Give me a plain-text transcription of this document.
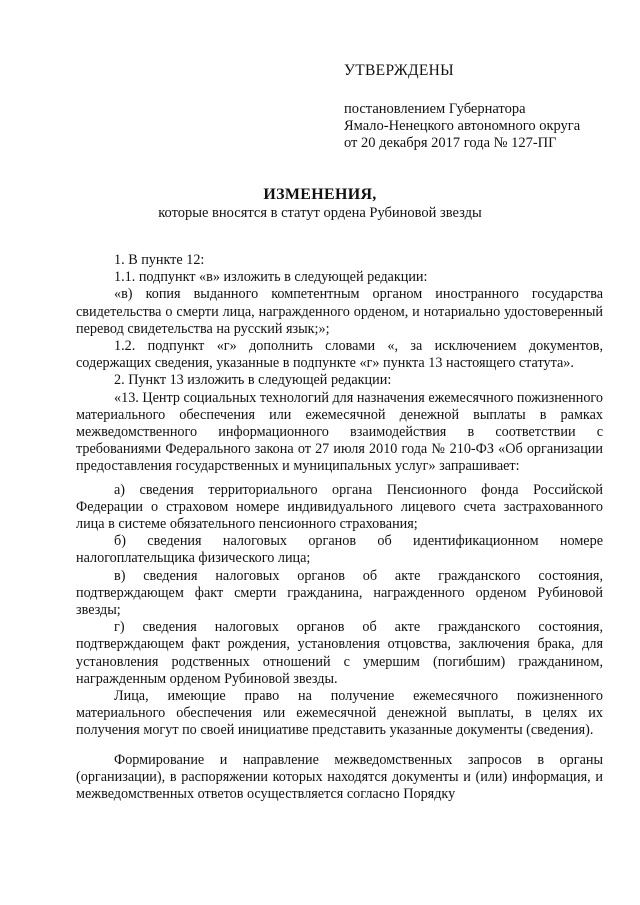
УТВЕРЖДЕНЫ
постановлением Губернатора
Ямало-Ненецкого автономного округа
от 20 декабря 2017 года № 127-ПГ
ИЗМЕНЕНИЯ,
которые вносятся в статут ордена Рубиновой звезды

1. В пункте 12:

1.1. подпункт «в» изложить в следующей редакции:

«в) копия выданного компетентным органом иностранного государства свидетельства о смерти лица, награжденного орденом, и нотариально удостоверенный перевод свидетельства на русский язык;»;

1.2. подпункт «г» дополнить словами «, за исключением документов, содержащих сведения, указанные в подпункте «г» пункта 13 настоящего статута».

2. Пункт 13 изложить в следующей редакции:

«13. Центр социальных технологий для назначения ежемесячного пожизненного материального обеспечения или ежемесячной денежной выплаты в рамках межведомственного информационного взаимодействия в соответствии с требованиями Федерального закона от 27 июля 2010 года № 210-ФЗ «Об организации предоставления государственных и муниципальных услуг» запрашивает:

а) сведения территориального органа Пенсионного фонда Российской Федерации о страховом номере индивидуального лицевого счета застрахованного лица в системе обязательного пенсионного страхования;

б) сведения налоговых органов об идентификационном номере налогоплательщика физического лица;

в) сведения налоговых органов об акте гражданского состояния, подтверждающем факт смерти гражданина, награжденного орденом Рубиновой звезды;

г) сведения налоговых органов об акте гражданского состояния, подтверждающем факт рождения, установления отцовства, заключения брака, для установления родственных отношений с умершим (погибшим) гражданином, награжденным орденом Рубиновой звезды.

Лица, имеющие право на получение ежемесячного пожизненного материального обеспечения или ежемесячной денежной выплаты, в целях их получения могут по своей инициативе представить указанные документы (сведения).

Формирование и направление межведомственных запросов в органы (организации), в распоряжении которых находятся документы и (или) информация, и межведомственных ответов осуществляется согласно Порядку
